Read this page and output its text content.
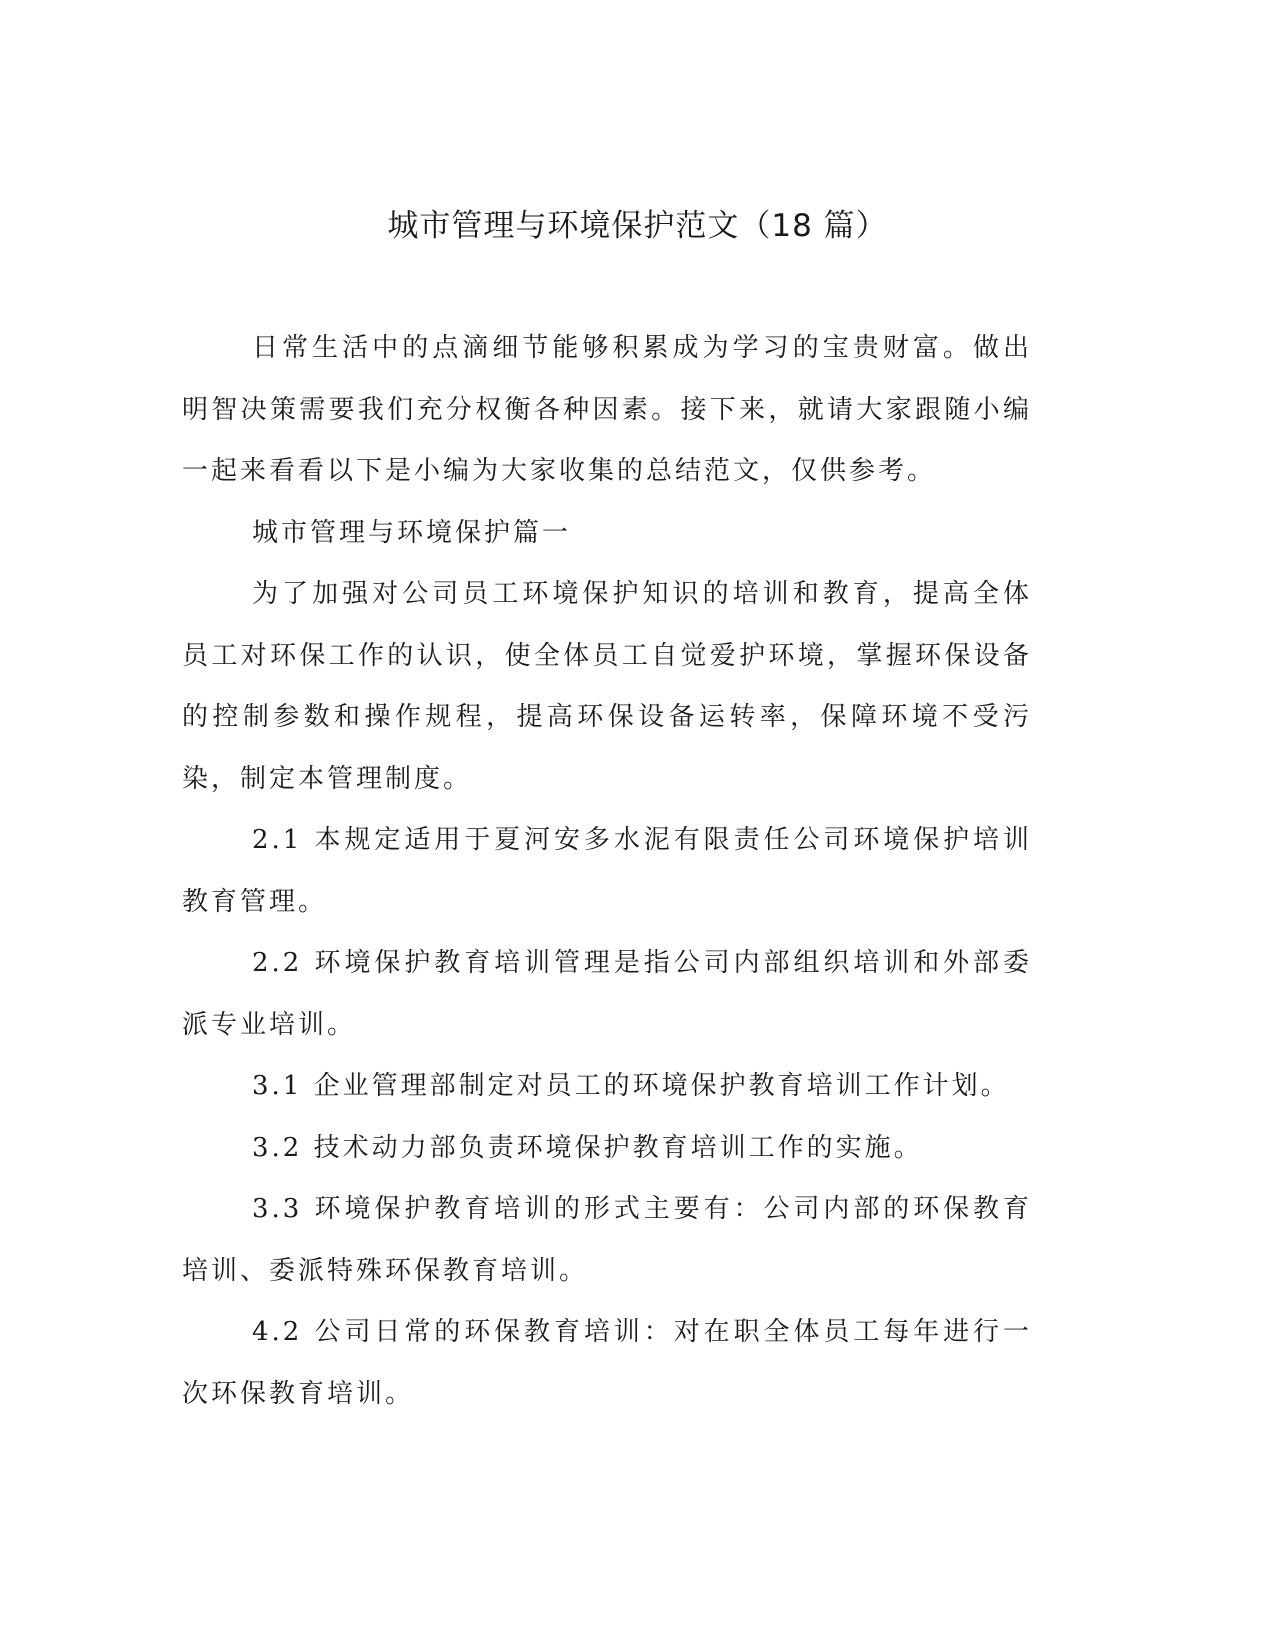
城市管理与环境保护范文（18 篇）

日常生活中的点滴细节能够积累成为学习的宝贵财富。做出明智决策需要我们充分权衡各种因素。接下来，就请大家跟随小编一起来看看以下是小编为大家收集的总结范文，仅供参考。

城市管理与环境保护篇一

为了加强对公司员工环境保护知识的培训和教育，提高全体员工对环保工作的认识，使全体员工自觉爱护环境，掌握环保设备的控制参数和操作规程，提高环保设备运转率，保障环境不受污染，制定本管理制度。

2.1 本规定适用于夏河安多水泥有限责任公司环境保护培训教育管理。

2.2 环境保护教育培训管理是指公司内部组织培训和外部委派专业培训。

3.1 企业管理部制定对员工的环境保护教育培训工作计划。

3.2 技术动力部负责环境保护教育培训工作的实施。

3.3 环境保护教育培训的形式主要有：公司内部的环保教育培训、委派特殊环保教育培训。

4.2 公司日常的环保教育培训：对在职全体员工每年进行一次环保教育培训。
